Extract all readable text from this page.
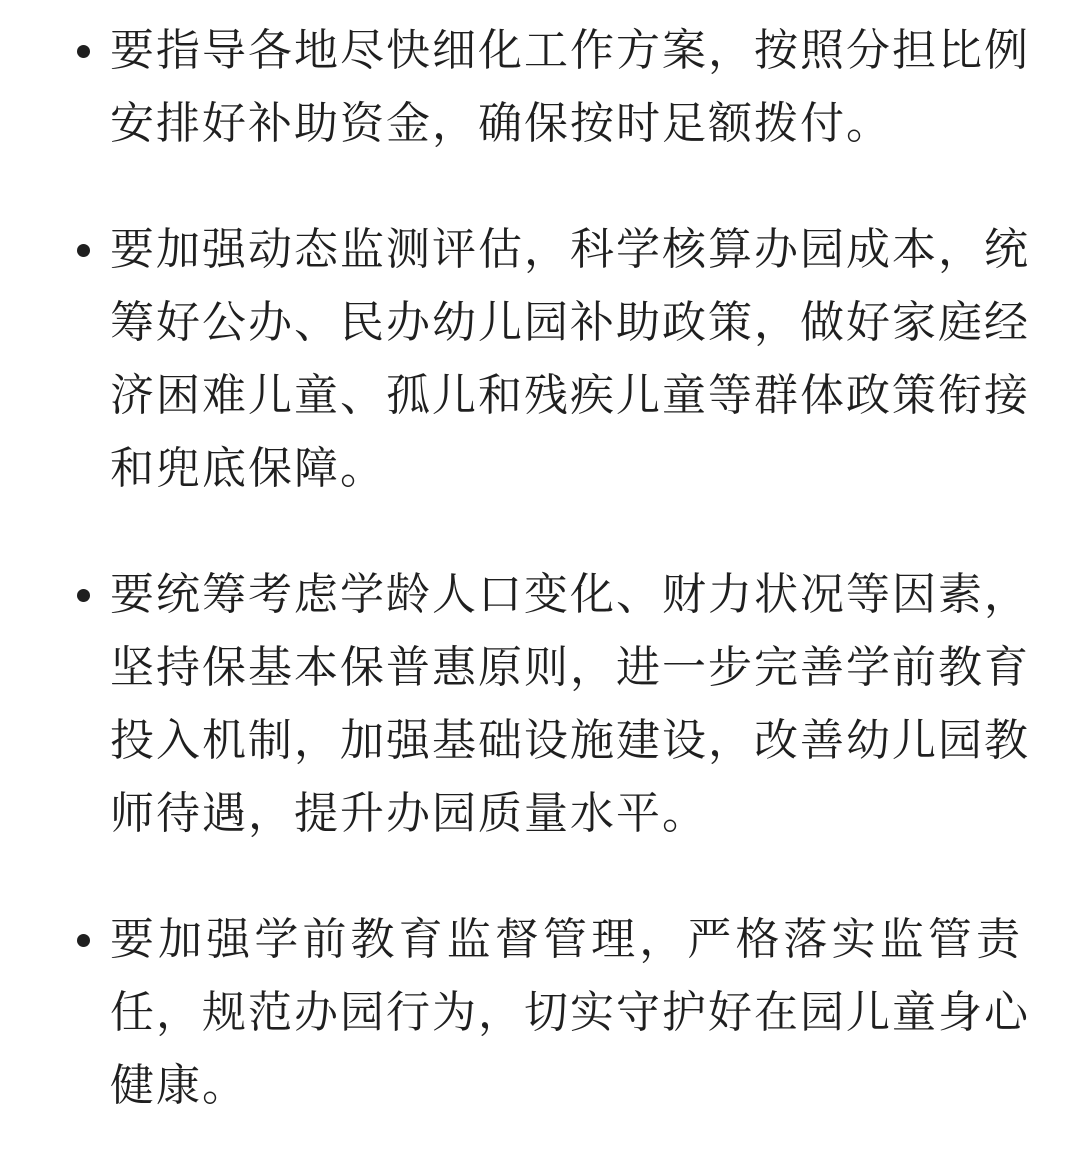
要指导各地尽快细化工作方案，按照分担比例
安排好补助资金，确保按时足额拨付。
要加强动态监测评估，科学核算办园成本，统
筹好公办、民办幼儿园补助政策，做好家庭经
济困难儿童、孤儿和残疾儿童等群体政策衔接
和兜底保障。
要统筹考虑学龄人口变化、财力状况等因素，
坚持保基本保普惠原则，进一步完善学前教育
投入机制，加强基础设施建设，改善幼儿园教
师待遇，提升办园质量水平。
要加强学前教育监督管理，严格落实监管责
任，规范办园行为，切实守护好在园儿童身心
健康。
